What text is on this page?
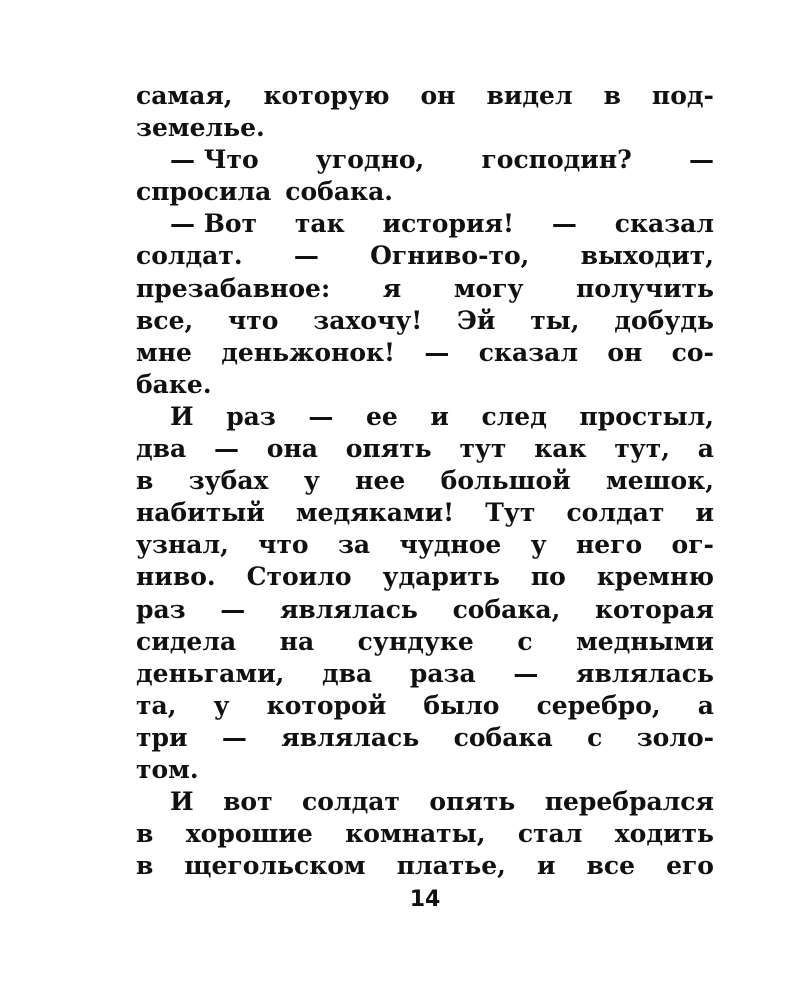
самая, которую он видел в под-
земелье.
— Что угодно, господин? —
спросила собака.
— Вот так история! — сказал
солдат. — Огниво-то, выходит,
презабавное: я могу получить
все, что захочу! Эй ты, добудь
мне деньжонок! — сказал он со-
баке.
И раз — ее и след простыл,
два — она опять тут как тут, а
в зубах у нее большой мешок,
набитый медяками! Тут солдат и
узнал, что за чудное у него ог-
ниво. Стоило ударить по кремню
раз — являлась собака, которая
сидела на сундуке с медными
деньгами, два раза — являлась
та, у которой было серебро, а
три — являлась собака с золо-
том.
И вот солдат опять перебрался
в хорошие комнаты, стал ходить
в щегольском платье, и все его
14
